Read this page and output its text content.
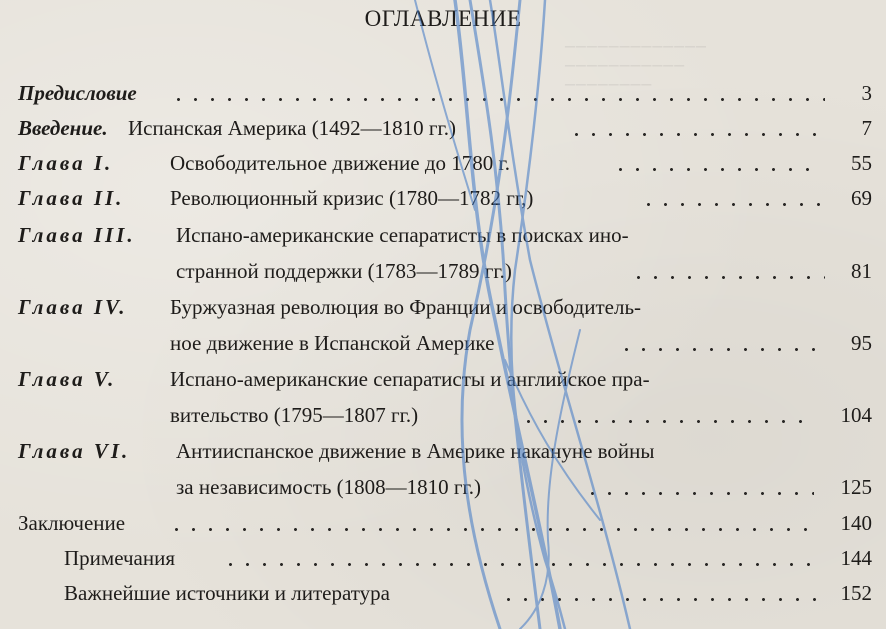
─────────────
───────────
────────
ОГЛАВЛЕНИЕ
Предисловие	3
Введение. Испанская Америка (1492—1810 гг.)	7
Глава I.	Освободительное движение до 1780 г.	55
Глава II. Революционный кризис (1780—1782 гг,)	69
Глава III. Испано-американские сепаратисты в поисках ино-
странной поддержки (1783—1789 гг.)	81
Глава IV. Буржуазная революция во Франции и освободитель-
ное движение в Испанской Америке	95
Глава V.	Испано-американские сепаратисты и английское пра-
вительство (1795—1807 гг.)	104
Глава VI. Антииспанское движение в Америке накануне войны
за независимость (1808—1810 гг.)	125
Заключение	140
Примечания	144
Важнейшие источники и литература	152
